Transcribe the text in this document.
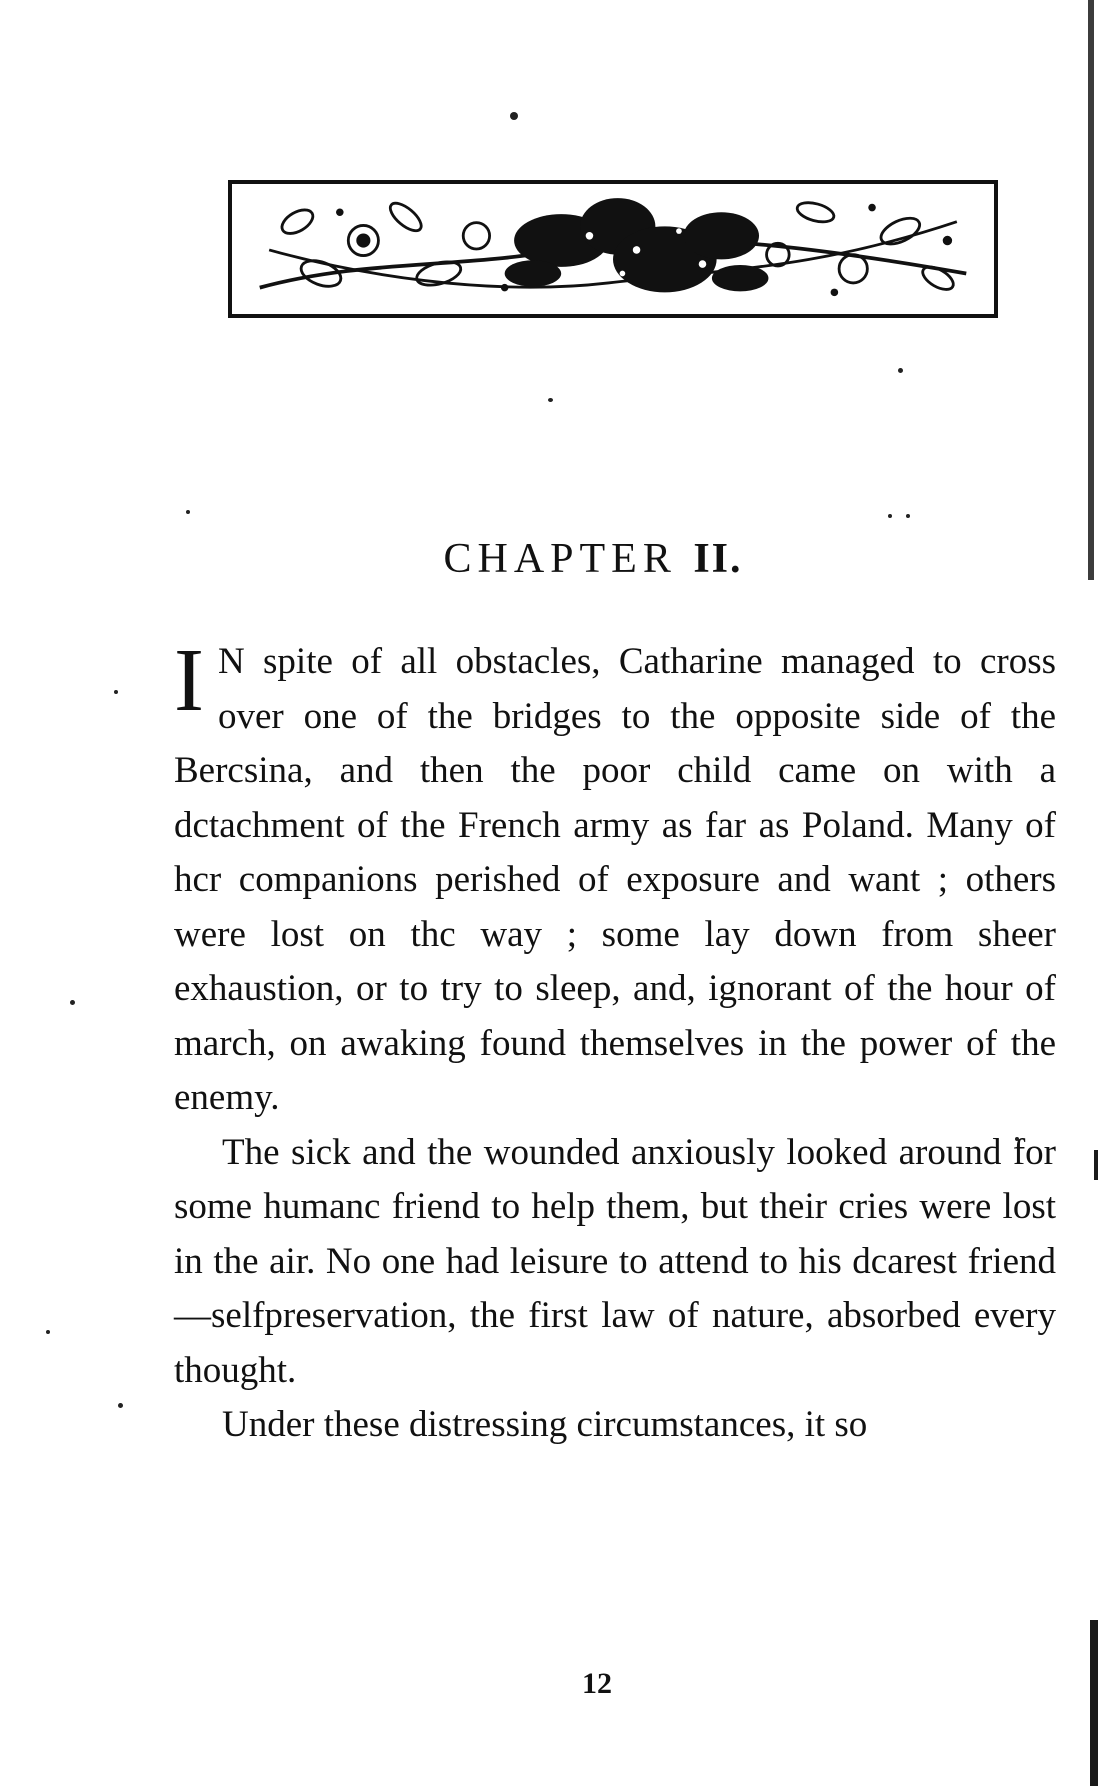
CHAPTER II.

I N spite of all obstacles, Catharine managed to cross over one of the bridges to the opposite side of the Bercsina, and then the poor child came on with a dctachment of the French army as far as Poland. Many of hcr companions perished of exposure and want ; others were lost on thc way ; some lay down from sheer exhaustion, or to try to sleep, and, ignorant of the hour of march, on awaking found themselves in the power of the enemy.

The sick and the wounded anxiously looked around for some humanc friend to help them, but their cries were lost in the air. No one had leisure to attend to his dcarest friend—selfpreservation, the first law of nature, absorbed every thought.

Under these distressing circumstances, it so

12
